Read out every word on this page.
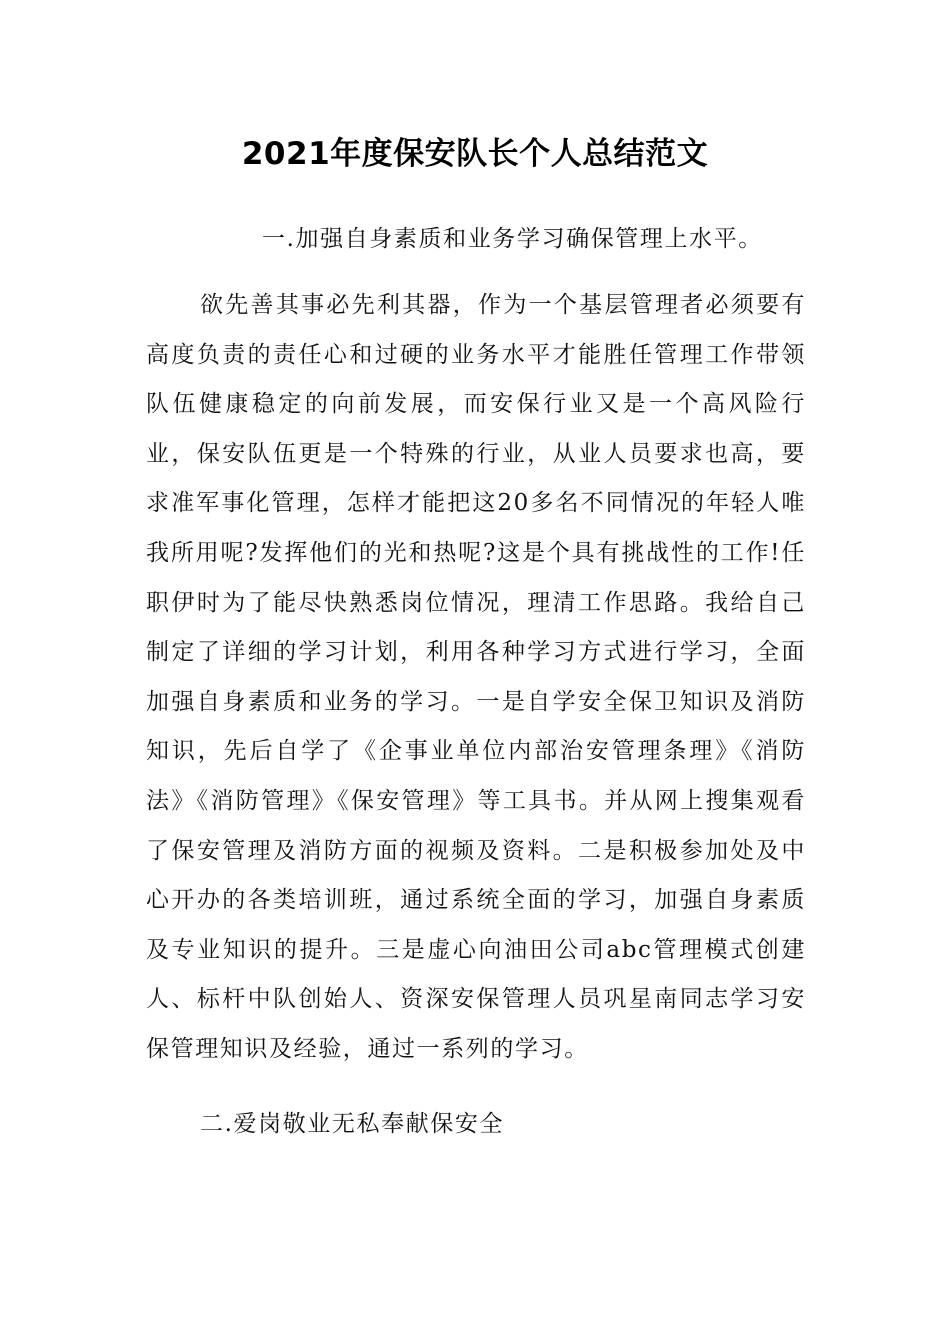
2021年度保安队长个人总结范文

一.加强自身素质和业务学习确保管理上水平。

欲先善其事必先利其器，作为一个基层管理者必须要有高度负责的责任心和过硬的业务水平才能胜任管理工作带领队伍健康稳定的向前发展，而安保行业又是一个高风险行业，保安队伍更是一个特殊的行业，从业人员要求也高，要求准军事化管理，怎样才能把这20多名不同情况的年轻人唯我所用呢?发挥他们的光和热呢?这是个具有挑战性的工作!任职伊时为了能尽快熟悉岗位情况，理清工作思路。我给自己制定了详细的学习计划，利用各种学习方式进行学习，全面加强自身素质和业务的学习。一是自学安全保卫知识及消防知识，先后自学了《企事业单位内部治安管理条理》《消防法》《消防管理》《保安管理》等工具书。并从网上搜集观看了保安管理及消防方面的视频及资料。二是积极参加处及中心开办的各类培训班，通过系统全面的学习，加强自身素质及专业知识的提升。三是虚心向油田公司abc管理模式创建人、标杆中队创始人、资深安保管理人员巩星南同志学习安保管理知识及经验，通过一系列的学习。

二.爱岗敬业无私奉献保安全
